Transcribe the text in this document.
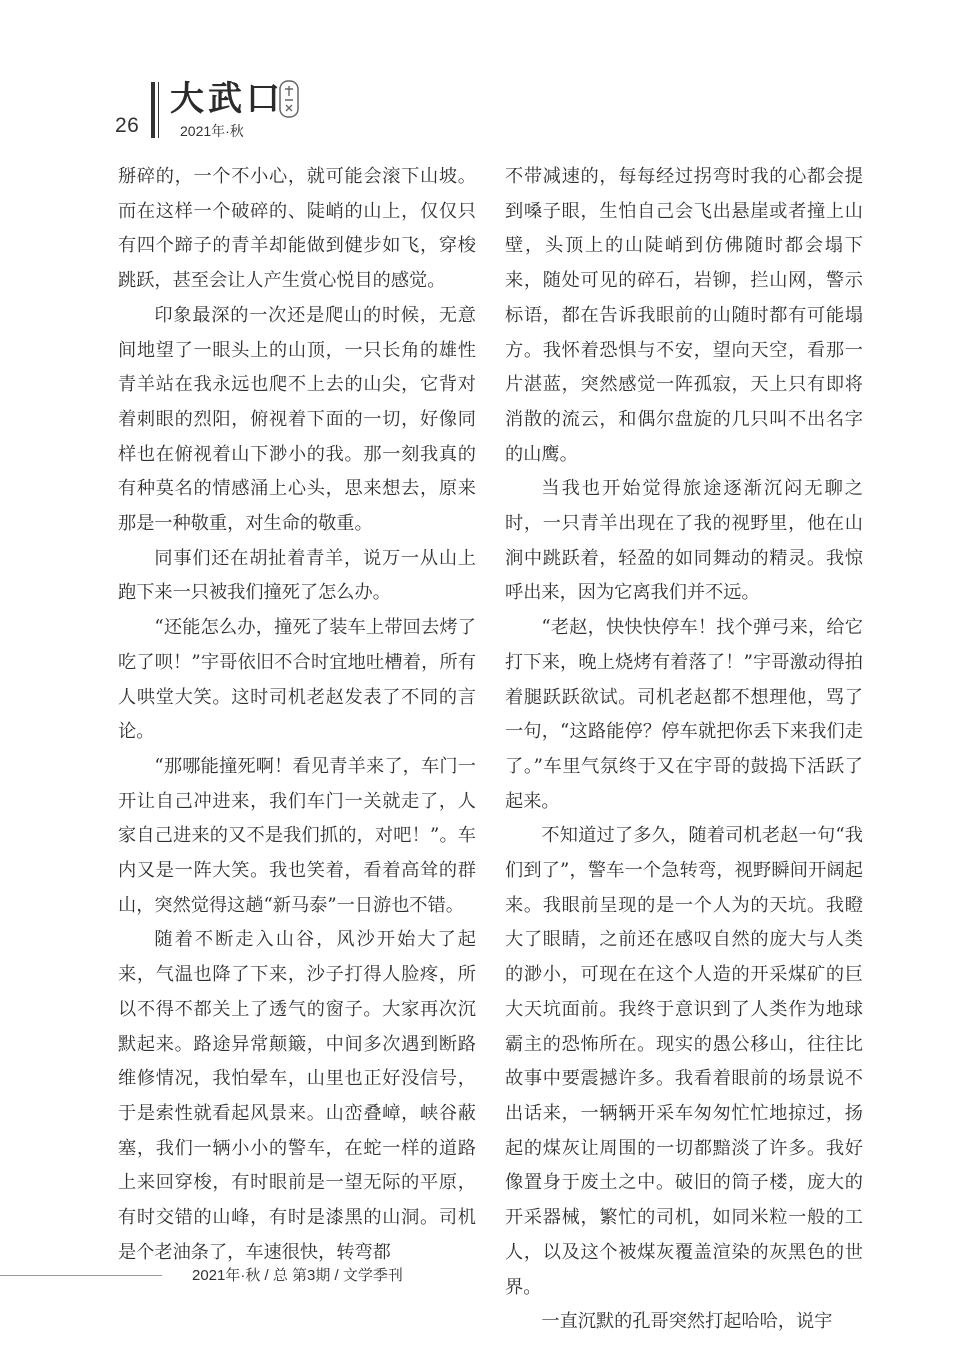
26
大武口
2021年·秋

掰碎的，一个不小心，就可能会滚下山坡。而在这样一个破碎的、陡峭的山上，仅仅只有四个蹄子的青羊却能做到健步如飞，穿梭跳跃，甚至会让人产生赏心悦目的感觉。

印象最深的一次还是爬山的时候，无意间地望了一眼头上的山顶，一只长角的雄性青羊站在我永远也爬不上去的山尖，它背对着刺眼的烈阳，俯视着下面的一切，好像同样也在俯视着山下渺小的我。那一刻我真的有种莫名的情感涌上心头，思来想去，原来那是一种敬重，对生命的敬重。

同事们还在胡扯着青羊，说万一从山上跑下来一只被我们撞死了怎么办。

“还能怎么办，撞死了装车上带回去烤了吃了呗！”宇哥依旧不合时宜地吐槽着，所有人哄堂大笑。这时司机老赵发表了不同的言论。

“那哪能撞死啊！看见青羊来了，车门一开让自己冲进来，我们车门一关就走了，人家自己进来的又不是我们抓的，对吧！”。车内又是一阵大笑。我也笑着，看着高耸的群山，突然觉得这趟“新马泰”一日游也不错。

随着不断走入山谷，风沙开始大了起来，气温也降了下来，沙子打得人脸疼，所以不得不都关上了透气的窗子。大家再次沉默起来。路途异常颠簸，中间多次遇到断路维修情况，我怕晕车，山里也正好没信号，于是索性就看起风景来。山峦叠嶂，峡谷蔽塞，我们一辆小小的警车，在蛇一样的道路上来回穿梭，有时眼前是一望无际的平原，有时交错的山峰，有时是漆黑的山洞。司机是个老油条了，车速很快，转弯都

不带减速的，每每经过拐弯时我的心都会提到嗓子眼，生怕自己会飞出悬崖或者撞上山壁，头顶上的山陡峭到仿佛随时都会塌下来，随处可见的碎石，岩铆，拦山网，警示标语，都在告诉我眼前的山随时都有可能塌方。我怀着恐惧与不安，望向天空，看那一片湛蓝，突然感觉一阵孤寂，天上只有即将消散的流云，和偶尔盘旋的几只叫不出名字的山鹰。

当我也开始觉得旅途逐渐沉闷无聊之时，一只青羊出现在了我的视野里，他在山涧中跳跃着，轻盈的如同舞动的精灵。我惊呼出来，因为它离我们并不远。

“老赵，快快快停车！找个弹弓来，给它打下来，晚上烧烤有着落了！”宇哥激动得拍着腿跃跃欲试。司机老赵都不想理他，骂了一句，“这路能停？停车就把你丢下来我们走了。”车里气氛终于又在宇哥的鼓捣下活跃了起来。

不知道过了多久，随着司机老赵一句“我们到了”，警车一个急转弯，视野瞬间开阔起来。我眼前呈现的是一个人为的天坑。我瞪大了眼睛，之前还在感叹自然的庞大与人类的渺小，可现在在这个人造的开采煤矿的巨大天坑面前。我终于意识到了人类作为地球霸主的恐怖所在。现实的愚公移山，往往比故事中要震撼许多。我看着眼前的场景说不出话来，一辆辆开采车匆匆忙忙地掠过，扬起的煤灰让周围的一切都黯淡了许多。我好像置身于废土之中。破旧的筒子楼，庞大的开采器械，繁忙的司机，如同米粒一般的工人，以及这个被煤灰覆盖渲染的灰黑色的世界。

一直沉默的孔哥突然打起哈哈，说宇

2021年·秋 / 总 第3期 / 文学季刊
